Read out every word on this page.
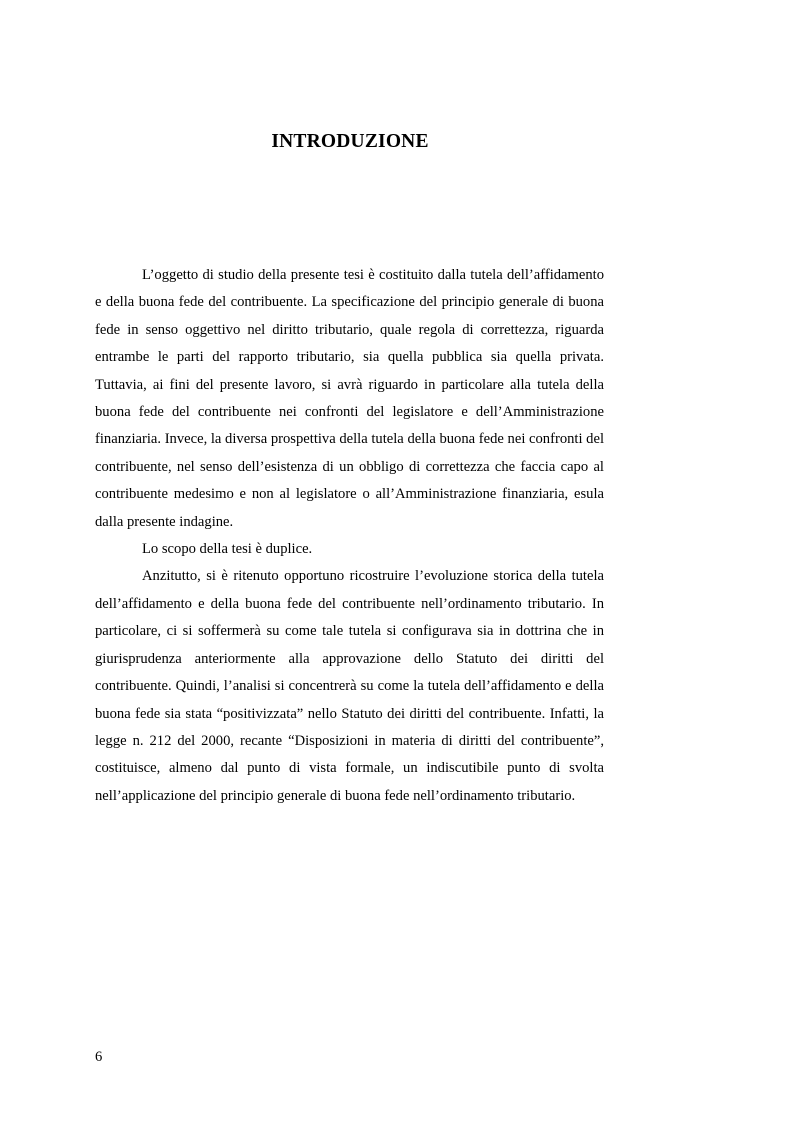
INTRODUZIONE

L’oggetto di studio della presente tesi è costituito dalla tutela dell’affidamento e della buona fede del contribuente. La specificazione del principio generale di buona fede in senso oggettivo nel diritto tributario, quale regola di correttezza, riguarda entrambe le parti del rapporto tributario, sia quella pubblica sia quella privata. Tuttavia, ai fini del presente lavoro, si avrà riguardo in particolare alla tutela della buona fede del contribuente nei confronti del legislatore e dell’Amministrazione finanziaria. Invece, la diversa prospettiva della tutela della buona fede nei confronti del contribuente, nel senso dell’esistenza di un obbligo di correttezza che faccia capo al contribuente medesimo e non al legislatore o all’Amministrazione finanziaria, esula dalla presente indagine.

Lo scopo della tesi è duplice.

Anzitutto, si è ritenuto opportuno ricostruire l’evoluzione storica della tutela dell’affidamento e della buona fede del contribuente nell’ordinamento tributario. In particolare, ci si soffermerà su come tale tutela si configurava sia in dottrina che in giurisprudenza anteriormente alla approvazione dello Statuto dei diritti del contribuente. Quindi, l’analisi si concentrerà su come la tutela dell’affidamento e della buona fede sia stata “positivizzata” nello Statuto dei diritti del contribuente. Infatti, la legge n. 212 del 2000, recante “Disposizioni in materia di diritti del contribuente”, costituisce, almeno dal punto di vista formale, un indiscutibile punto di svolta nell’applicazione del principio generale di buona fede nell’ordinamento tributario.

6
